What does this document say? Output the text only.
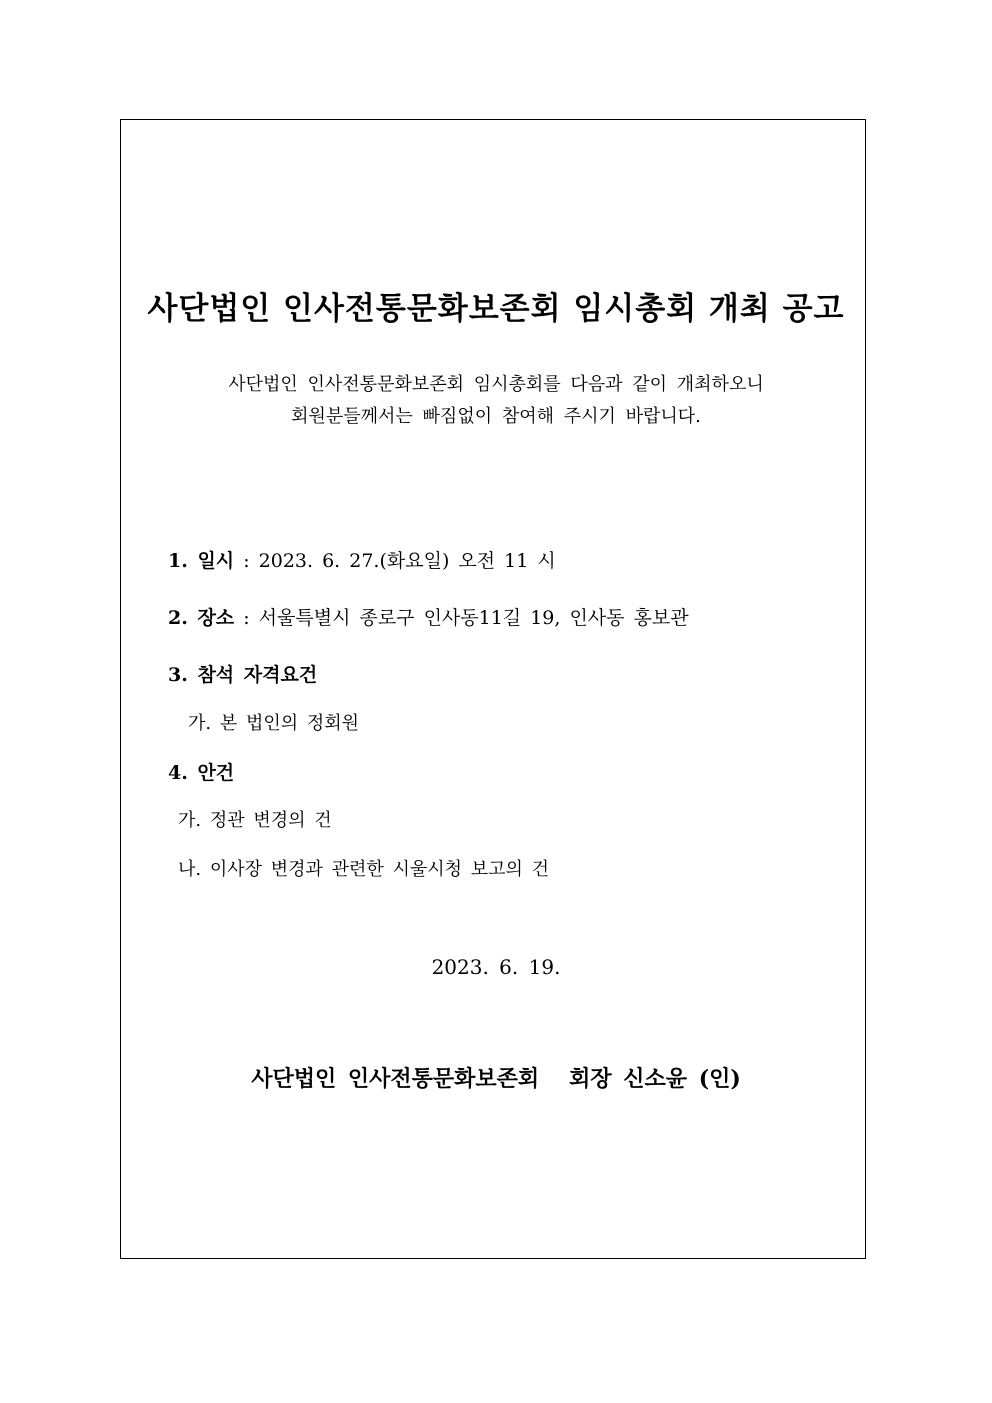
사단법인 인사전통문화보존회 임시총회 개최 공고
사단법인 인사전통문화보존회 임시총회를 다음과 같이 개최하오니
회원분들께서는 빠짐없이 참여해 주시기 바랍니다.
1. 일시 : 2023. 6. 27.(화요일) 오전 11 시
2. 장소 : 서울특별시 종로구 인사동11길 19, 인사동 홍보관
3. 참석 자격요건
가. 본 법인의 정회원
4. 안건
가. 정관 변경의 건
나. 이사장 변경과 관련한 시울시청 보고의 건
2023. 6. 19.
사단법인 인사전통문화보존회 회장 신소윤 (인)
